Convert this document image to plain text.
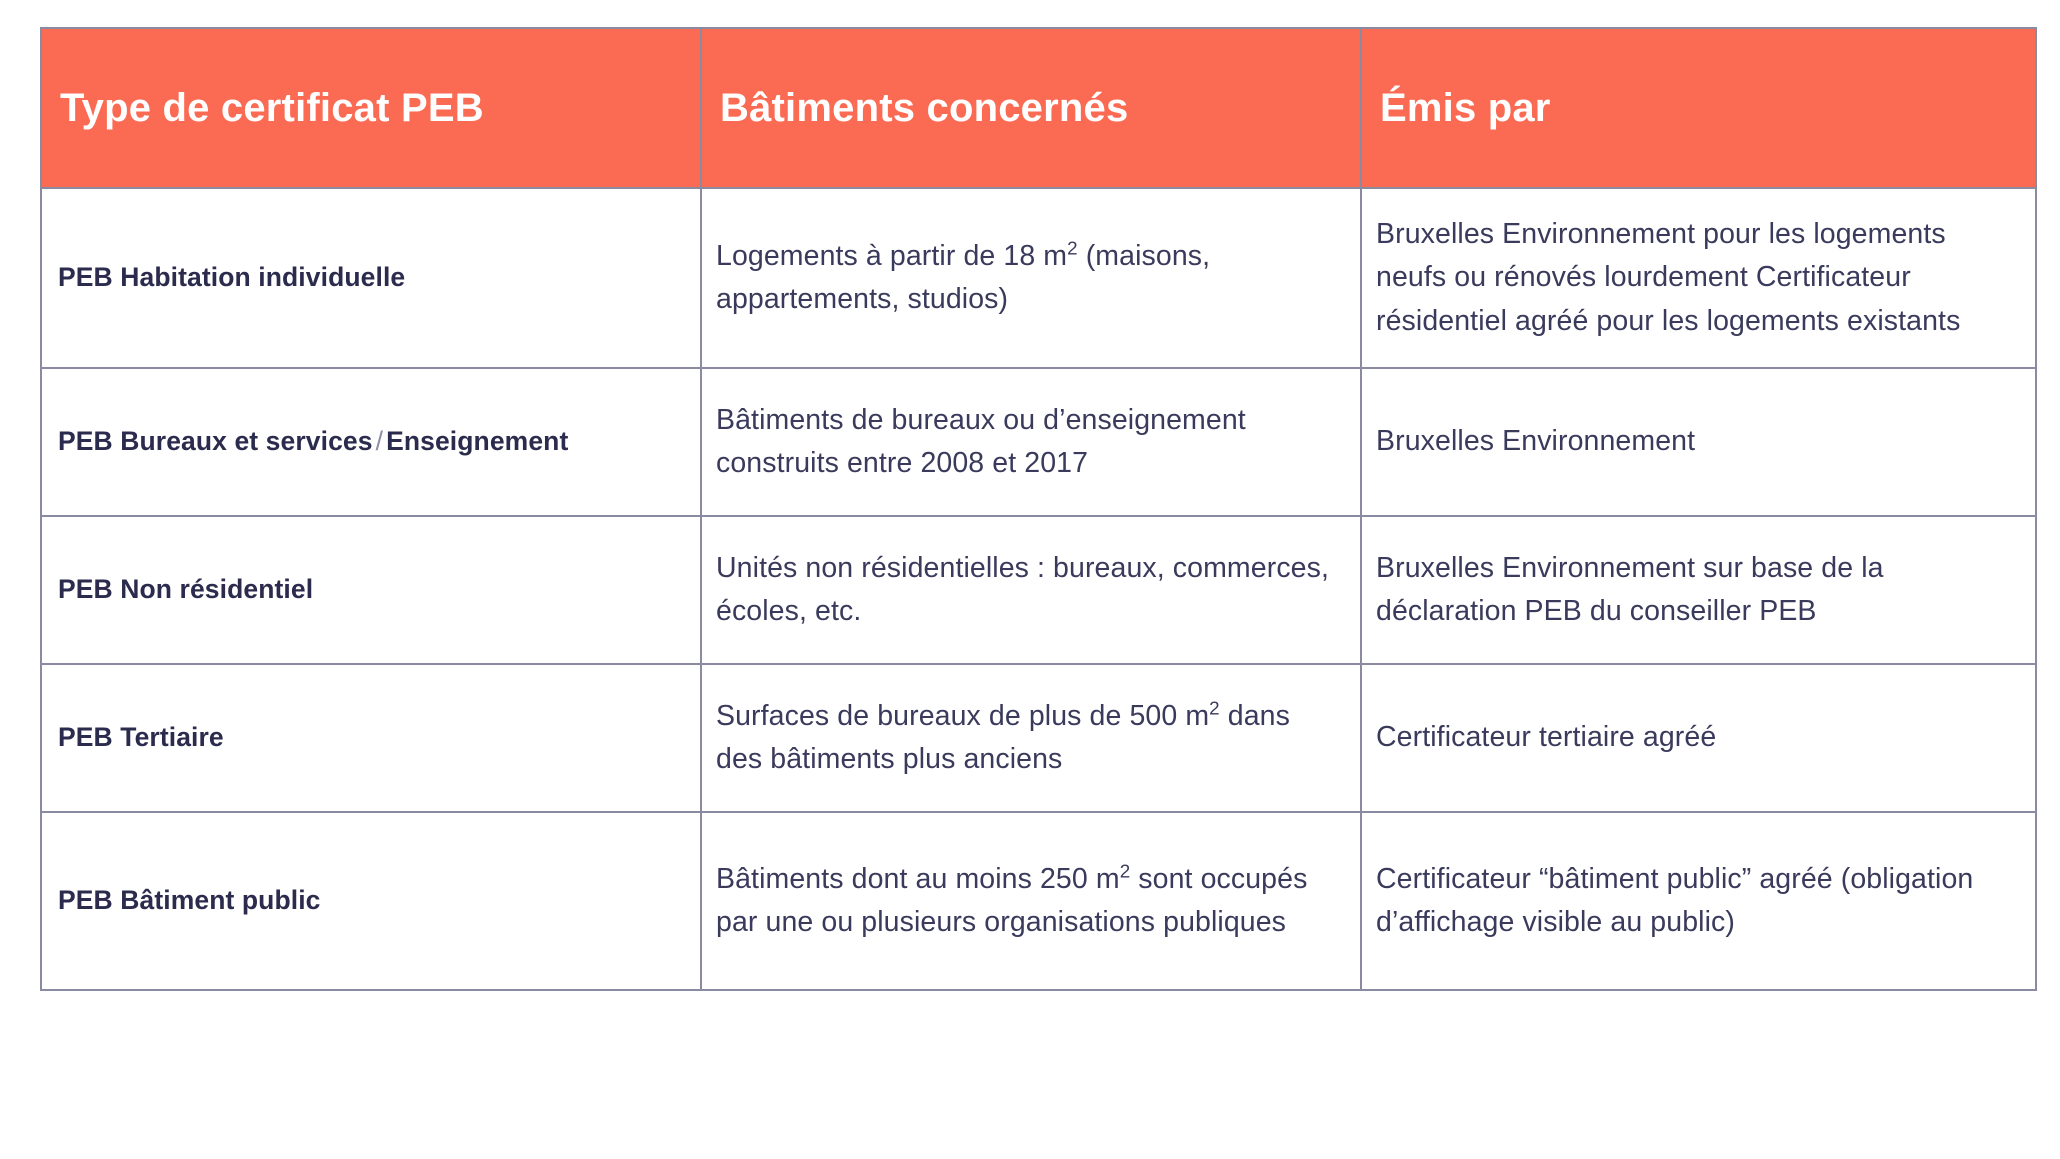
Type de certificat PEB	Bâtiments concernés	Émis par

PEB Habitation individuelle	Logements à partir de 18 $m^2$ (maisons, appartements, studios)	Bruxelles Environnement pour les logements neufs ou rénovés lourdement Certificateur résidentiel agréé pour les logements existants
PEB Bureaux et services / Enseignement	Bâtiments de bureaux ou d’enseignement construits entre 2008 et 2017	Bruxelles Environnement
PEB Non résidentiel	Unités non résidentielles : bureaux, commerces, écoles, etc.	Bruxelles Environnement sur base de la déclaration PEB du conseiller PEB
PEB Tertiaire	Surfaces de bureaux de plus de 500 $m^2$ dans des bâtiments plus anciens	Certificateur tertiaire agréé
PEB Bâtiment public	Bâtiments dont au moins 250 $m^2$ sont occupés par une ou plusieurs organisations publiques	Certificateur “bâtiment public” agréé (obligation d’affichage visible au public)
